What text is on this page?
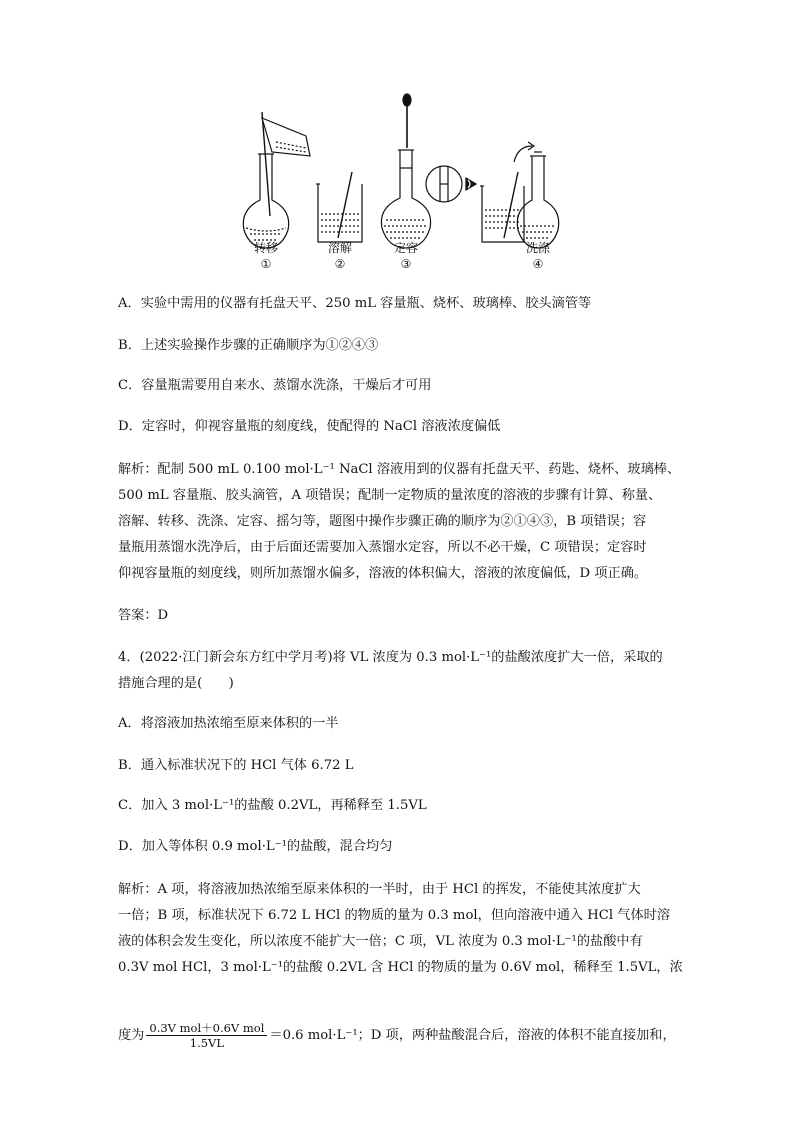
转移
①
溶解
②
定容
③
洗涤
④
A．实验中需用的仪器有托盘天平、250 mL 容量瓶、烧杯、玻璃棒、胶头滴管等
B．上述实验操作步骤的正确顺序为①②④③
C．容量瓶需要用自来水、蒸馏水洗涤，干燥后才可用
D．定容时，仰视容量瓶的刻度线，使配得的 NaCl 溶液浓度偏低
解析：配制 500 mL 0.100 mol·L⁻¹ NaCl 溶液用到的仪器有托盘天平、药匙、烧杯、玻璃棒、
500 mL 容量瓶、胶头滴管，A 项错误；配制一定物质的量浓度的溶液的步骤有计算、称量、
溶解、转移、洗涤、定容、摇匀等，题图中操作步骤正确的顺序为②①④③，B 项错误；容
量瓶用蒸馏水洗净后，由于后面还需要加入蒸馏水定容，所以不必干燥，C 项错误；定容时
仰视容量瓶的刻度线，则所加蒸馏水偏多，溶液的体积偏大，溶液的浓度偏低，D 项正确。
答案：D
4．(2022·江门新会东方红中学月考)将 VL 浓度为 0.3 mol·L⁻¹的盐酸浓度扩大一倍，采取的
措施合理的是(　　)
A．将溶液加热浓缩至原来体积的一半
B．通入标准状况下的 HCl 气体 6.72 L
C．加入 3 mol·L⁻¹的盐酸 0.2VL，再稀释至 1.5VL
D．加入等体积 0.9 mol·L⁻¹的盐酸，混合均匀
解析：A 项，将溶液加热浓缩至原来体积的一半时，由于 HCl 的挥发，不能使其浓度扩大
一倍；B 项，标准状况下 6.72 L HCl 的物质的量为 0.3 mol，但向溶液中通入 HCl 气体时溶
液的体积会发生变化，所以浓度不能扩大一倍；C 项，VL 浓度为 0.3 mol·L⁻¹的盐酸中有
0.3V mol HCl，3 mol·L⁻¹的盐酸 0.2VL 含 HCl 的物质的量为 0.6V mol，稀释至 1.5VL，浓
度为 $\frac{\text{0.3V mol＋0.6V mol}}{1.5VL} =0.6$ mol·L⁻¹；D 项，两种盐酸混合后，溶液的体积不能直接加和，
